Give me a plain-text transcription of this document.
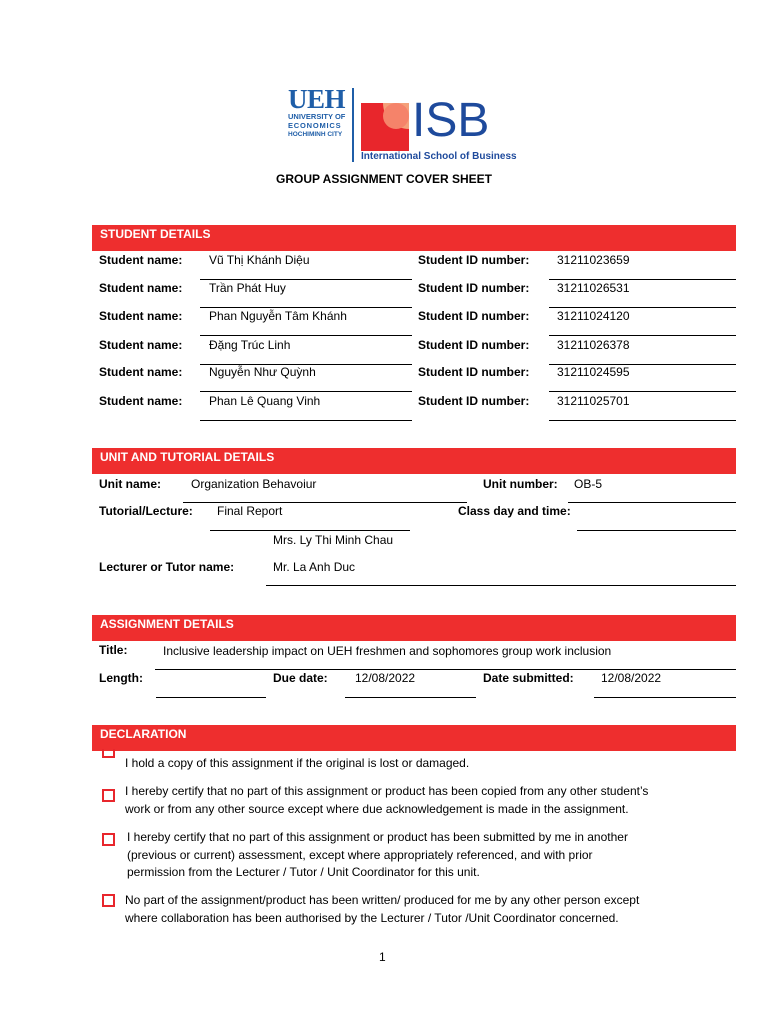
UEH
UNIVERSITY OF
ECONOMICS
HOCHIMINH CITY ISB
International School of Business
GROUP ASSIGNMENT COVER SHEET
STUDENT DETAILS
Student name: Vũ Thị Khánh Diệu	Student ID number: 31211023659
Student name: Trần Phát Huy	Student ID number: 31211026531
Student name: Phan Nguyễn Tâm Khánh	Student ID number: 31211024120
Student name: Đặng Trúc Linh	Student ID number: 31211026378
Student name: Nguyễn Như Quỳnh	Student ID number: 31211024595
Student name: Phan Lê Quang Vinh	Student ID number: 31211025701
UNIT AND TUTORIAL DETAILS
Unit name: Organization Behavoiur	Unit number: OB-5
Tutorial/Lecture: Final Report	Class day and time:
Mrs. Ly Thi Minh Chau
Lecturer or Tutor name:	Mr. La Anh Duc
ASSIGNMENT DETAILS
Title:	Inclusive leadership impact on UEH freshmen and sophomores group work inclusion
Length:	Due date: 12/08/2022	Date submitted: 12/08/2022
DECLARATION
I hold a copy of this assignment if the original is lost or damaged.
I hereby certify that no part of this assignment or product has been copied from any other student’s
work or from any other source except where due acknowledgement is made in the assignment.
I hereby certify that no part of this assignment or product has been submitted by me in another
(previous or current) assessment, except where appropriately referenced, and with prior
permission from the Lecturer / Tutor / Unit Coordinator for this unit.
No part of the assignment/product has been written/ produced for me by any other person except
where collaboration has been authorised by the Lecturer / Tutor /Unit Coordinator concerned.
1
